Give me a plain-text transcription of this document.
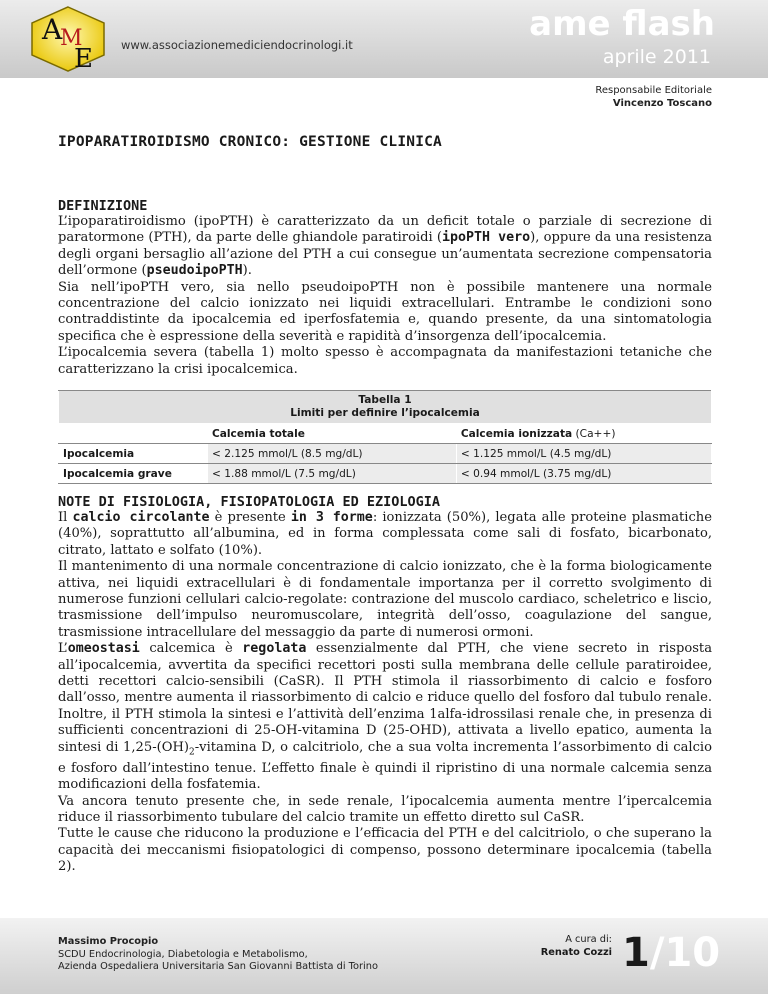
A
M
E www.associazionemediciendocrinologi.it
ame flash
aprile 2011
Responsabile Editoriale
Vincenzo Toscano
IPOPARATIROIDISMO CRONICO: GESTIONE CLINICA
DEFINIZIONE

L’ipoparatiroidismo (ipoPTH) è caratterizzato da un deficit totale o parziale di secrezione di paratormone (PTH), da parte delle ghiandole paratiroidi (ipoPTH vero), oppure da una resistenza degli organi bersaglio all’azione del PTH a cui consegue un’aumentata secrezione compensatoria dell’ormone (pseudoipoPTH).

Sia nell’ipoPTH vero, sia nello pseudoipoPTH non è possibile mantenere una normale concentrazione del calcio ionizzato nei liquidi extracellulari. Entrambe le condizioni sono contraddistinte da ipocalcemia ed iperfosfatemia e, quando presente, da una sintomatologia specifica che è espressione della severità e rapidità d’insorgenza dell’ipocalcemia.

L’ipocalcemia severa (tabella 1) molto spesso è accompagnata da manifestazioni tetaniche che caratterizzano la crisi ipocalcemica.

Tabella 1
Limiti per definire l’ipocalcemia		

	Calcemia totale	Calcemia ionizzata (Ca++)
Ipocalcemia	< 2.125 mmol/L (8.5 mg/dL)	< 1.125 mmol/L (4.5 mg/dL)
Ipocalcemia grave	< 1.88 mmol/L (7.5 mg/dL)	< 0.94 mmol/L (3.75 mg/dL)
NOTE DI FISIOLOGIA, FISIOPATOLOGIA ED EZIOLOGIA

Il calcio circolante è presente in 3 forme: ionizzata (50%), legata alle proteine plasmatiche (40%), soprattutto all’albumina, ed in forma complessata come sali di fosfato, bicarbonato, citrato, lattato e solfato (10%).

Il mantenimento di una normale concentrazione di calcio ionizzato, che è la forma biologicamente attiva, nei liquidi extracellulari è di fondamentale importanza per il corretto svolgimento di numerose funzioni cellulari calcio-regolate: contrazione del muscolo cardiaco, scheletrico e liscio, trasmissione dell’impulso neuromuscolare, integrità dell’osso, coagulazione del sangue, trasmissione intracellulare del messaggio da parte di numerosi ormoni.

L’omeostasi calcemica è regolata essenzialmente dal PTH, che viene secreto in risposta all’ipocalcemia, avvertita da specifici recettori posti sulla membrana delle cellule paratiroidee, detti recettori calcio-sensibili (CaSR). Il PTH stimola il riassorbimento di calcio e fosforo dall’osso, mentre aumenta il riassorbimento di calcio e riduce quello del fosforo dal tubulo renale. Inoltre, il PTH stimola la sintesi e l’attività dell’enzima 1alfa-idrossilasi renale che, in presenza di sufficienti concentrazioni di 25-OH-vitamina D (25-OHD), attivata a livello epatico, aumenta la sintesi di $1,25-(OH)_2$-vitamina D, o calcitriolo, che a sua volta incrementa l’assorbimento di calcio e fosforo dall’intestino tenue. L’effetto finale è quindi il ripristino di una normale calcemia senza modificazioni della fosfatemia.

Va ancora tenuto presente che, in sede renale, l’ipocalcemia aumenta mentre l’ipercalcemia riduce il riassorbimento tubulare del calcio tramite un effetto diretto sul CaSR.

Tutte le cause che riducono la produzione e l’efficacia del PTH e del calcitriolo, o che superano la capacità dei meccanismi fisiopatologici di compenso, possono determinare ipocalcemia (tabella 2).

Massimo Procopio
SCDU Endocrinologia, Diabetologia e Metabolismo,
Azienda Ospedaliera Universitaria San Giovanni Battista di Torino
A cura di:
Renato Cozzi 1/10
